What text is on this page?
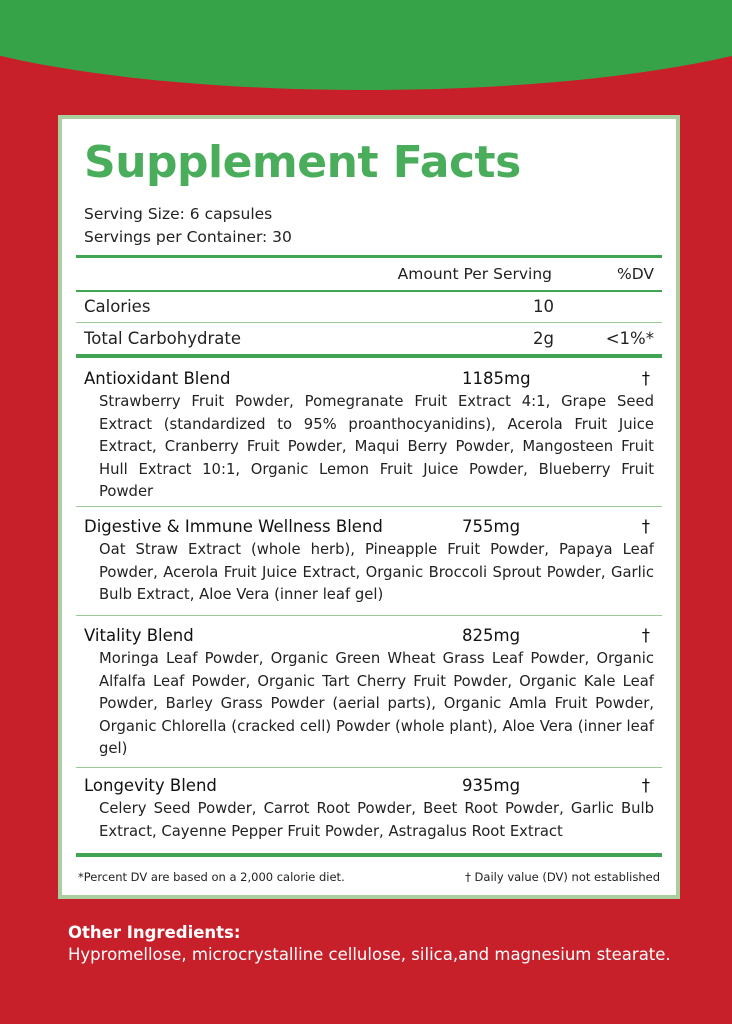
Supplement Facts
Serving Size: 6 capsules
Servings per Container: 30
Amount Per Serving	%DV
Calories	10
Total Carbohydrate	2g	<1%*
Antioxidant Blend	1185mg	†

Strawberry Fruit Powder, Pomegranate Fruit Extract 4:1, Grape Seed Extract (standardized to 95% proanthocyanidins), Acerola Fruit Juice Extract, Cranberry Fruit Powder, Maqui Berry Powder, Mangosteen Fruit Hull Extract 10:1, Organic Lemon Fruit Juice Powder, Blueberry Fruit Powder

Digestive & Immune Wellness Blend	755mg	†

Oat Straw Extract (whole herb), Pineapple Fruit Powder, Papaya Leaf Powder, Acerola Fruit Juice Extract, Organic Broccoli Sprout Powder, Garlic Bulb Extract, Aloe Vera (inner leaf gel)

Vitality Blend	825mg	†

Moringa Leaf Powder, Organic Green Wheat Grass Leaf Powder, Organic Alfalfa Leaf Powder, Organic Tart Cherry Fruit Powder, Organic Kale Leaf Powder, Barley Grass Powder (aerial parts), Organic Amla Fruit Powder, Organic Chlorella (cracked cell) Powder (whole plant), Aloe Vera (inner leaf gel)

Longevity Blend	935mg	†

Celery Seed Powder, Carrot Root Powder, Beet Root Powder, Garlic Bulb Extract, Cayenne Pepper Fruit Powder, Astragalus Root Extract

*Percent DV are based on a 2,000 calorie diet.	† Daily value (DV) not established
Other Ingredients:
Hypromellose, microcrystalline cellulose, silica,and magnesium stearate.
